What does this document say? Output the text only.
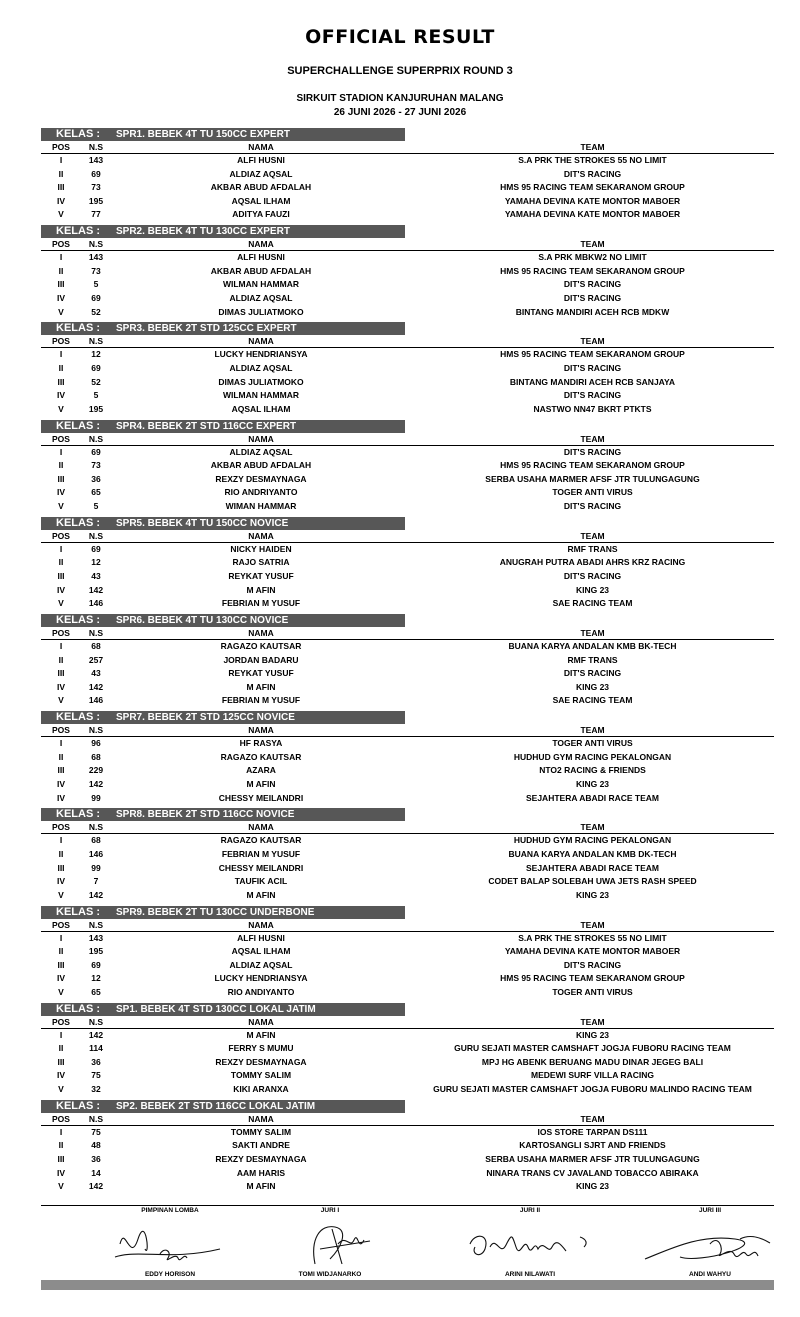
OFFICIAL RESULT
SUPERCHALLENGE SUPERPRIX ROUND 3
SIRKUIT STADION KANJURUHAN MALANG
26 JUNI 2026 - 27 JUNI 2026
KELAS : SPR1. BEBEK 4T TU 150CC EXPERT
POS	N.S	NAMA	TEAM
I	143	ALFI HUSNI	S.A PRK THE STROKES 55 NO LIMIT
II	69	ALDIAZ AQSAL	DIT'S RACING
III	73	AKBAR ABUD AFDALAH	HMS 95 RACING TEAM SEKARANOM GROUP
IV	195	AQSAL ILHAM	YAMAHA DEVINA KATE MONTOR MABOER
V	77	ADITYA FAUZI	YAMAHA DEVINA KATE MONTOR MABOER
KELAS : SPR2. BEBEK 4T TU 130CC EXPERT
POS	N.S	NAMA	TEAM
I	143	ALFI HUSNI	S.A PRK MBKW2 NO LIMIT
II	73	AKBAR ABUD AFDALAH	HMS 95 RACING TEAM SEKARANOM GROUP
III	5	WILMAN HAMMAR	DIT'S RACING
IV	69	ALDIAZ AQSAL	DIT'S RACING
V	52	DIMAS JULIATMOKO	BINTANG MANDIRI ACEH RCB MDKW
KELAS : SPR3. BEBEK 2T STD 125CC EXPERT
POS	N.S	NAMA	TEAM
I	12	LUCKY HENDRIANSYA	HMS 95 RACING TEAM SEKARANOM GROUP
II	69	ALDIAZ AQSAL	DIT'S RACING
III	52	DIMAS JULIATMOKO	BINTANG MANDIRI ACEH RCB SANJAYA
IV	5	WILMAN HAMMAR	DIT'S RACING
V	195	AQSAL ILHAM	NASTWO NN47 BKRT PTKTS
KELAS : SPR4. BEBEK 2T STD 116CC EXPERT
POS	N.S	NAMA	TEAM
I	69	ALDIAZ AQSAL	DIT'S RACING
II	73	AKBAR ABUD AFDALAH	HMS 95 RACING TEAM SEKARANOM GROUP
III	36	REXZY DESMAYNAGA	SERBA USAHA MARMER AFSF JTR TULUNGAGUNG
IV	65	RIO ANDRIYANTO	TOGER ANTI VIRUS
V	5	WIMAN HAMMAR	DIT'S RACING
KELAS : SPR5. BEBEK 4T TU 150CC NOVICE
POS	N.S	NAMA	TEAM
I	69	NICKY HAIDEN	RMF TRANS
II	12	RAJO SATRIA	ANUGRAH PUTRA ABADI AHRS KRZ RACING
III	43	REYKAT YUSUF	DIT'S RACING
IV	142	M AFIN	KING 23
V	146	FEBRIAN M YUSUF	SAE RACING TEAM
KELAS : SPR6. BEBEK 4T TU 130CC NOVICE
POS	N.S	NAMA	TEAM
I	68	RAGAZO KAUTSAR	BUANA KARYA ANDALAN KMB BK-TECH
II	257	JORDAN BADARU	RMF TRANS
III	43	REYKAT YUSUF	DIT'S RACING
IV	142	M AFIN	KING 23
V	146	FEBRIAN M YUSUF	SAE RACING TEAM
KELAS : SPR7. BEBEK 2T STD 125CC NOVICE
POS	N.S	NAMA	TEAM
I	96	HF RASYA	TOGER ANTI VIRUS
II	68	RAGAZO KAUTSAR	HUDHUD GYM RACING PEKALONGAN
III	229	AZARA	NTO2 RACING & FRIENDS
IV	142	M AFIN	KING 23
IV	99	CHESSY MEILANDRI	SEJAHTERA ABADI RACE TEAM
KELAS : SPR8. BEBEK 2T STD 116CC NOVICE
POS	N.S	NAMA	TEAM
I	68	RAGAZO KAUTSAR	HUDHUD GYM RACING PEKALONGAN
II	146	FEBRIAN M YUSUF	BUANA KARYA ANDALAN KMB DK-TECH
III	99	CHESSY MEILANDRI	SEJAHTERA ABADI RACE TEAM
IV	7	TAUFIK ACIL	CODET BALAP SOLEBAH UWA JETS RASH SPEED
V	142	M AFIN	KING 23
KELAS : SPR9. BEBEK 2T TU 130CC UNDERBONE
POS	N.S	NAMA	TEAM
I	143	ALFI HUSNI	S.A PRK THE STROKES 55 NO LIMIT
II	195	AQSAL ILHAM	YAMAHA DEVINA KATE MONTOR MABOER
III	69	ALDIAZ AQSAL	DIT'S RACING
IV	12	LUCKY HENDRIANSYA	HMS 95 RACING TEAM SEKARANOM GROUP
V	65	RIO ANDIYANTO	TOGER ANTI VIRUS
KELAS : SP1. BEBEK 4T STD 130CC LOKAL JATIM
POS	N.S	NAMA	TEAM
I	142	M AFIN	KING 23
II	114	FERRY S MUMU	GURU SEJATI MASTER CAMSHAFT JOGJA FUBORU RACING TEAM
III	36	REXZY DESMAYNAGA	MPJ HG ABENK BERUANG MADU DINAR JEGEG BALI
IV	75	TOMMY SALIM	MEDEWI SURF VILLA RACING
V	32	KIKI ARANXA	GURU SEJATI MASTER CAMSHAFT JOGJA FUBORU MALINDO RACING TEAM
KELAS : SP2. BEBEK 2T STD 116CC LOKAL JATIM
POS	N.S	NAMA	TEAM
I	75	TOMMY SALIM	IOS STORE TARPAN DS111
II	48	SAKTI ANDRE	KARTOSANGLI SJRT AND FRIENDS
III	36	REXZY DESMAYNAGA	SERBA USAHA MARMER AFSF JTR TULUNGAGUNG
IV	14	AAM HARIS	NINARA TRANS CV JAVALAND TOBACCO ABIRAKA
V	142	M AFIN	KING 23
PIMPINAN LOMBA
EDDY HORISON
JURI I
TOMI WIDJANARKO
JURI II
ARINI NILAWATI
JURI III
ANDI WAHYU
